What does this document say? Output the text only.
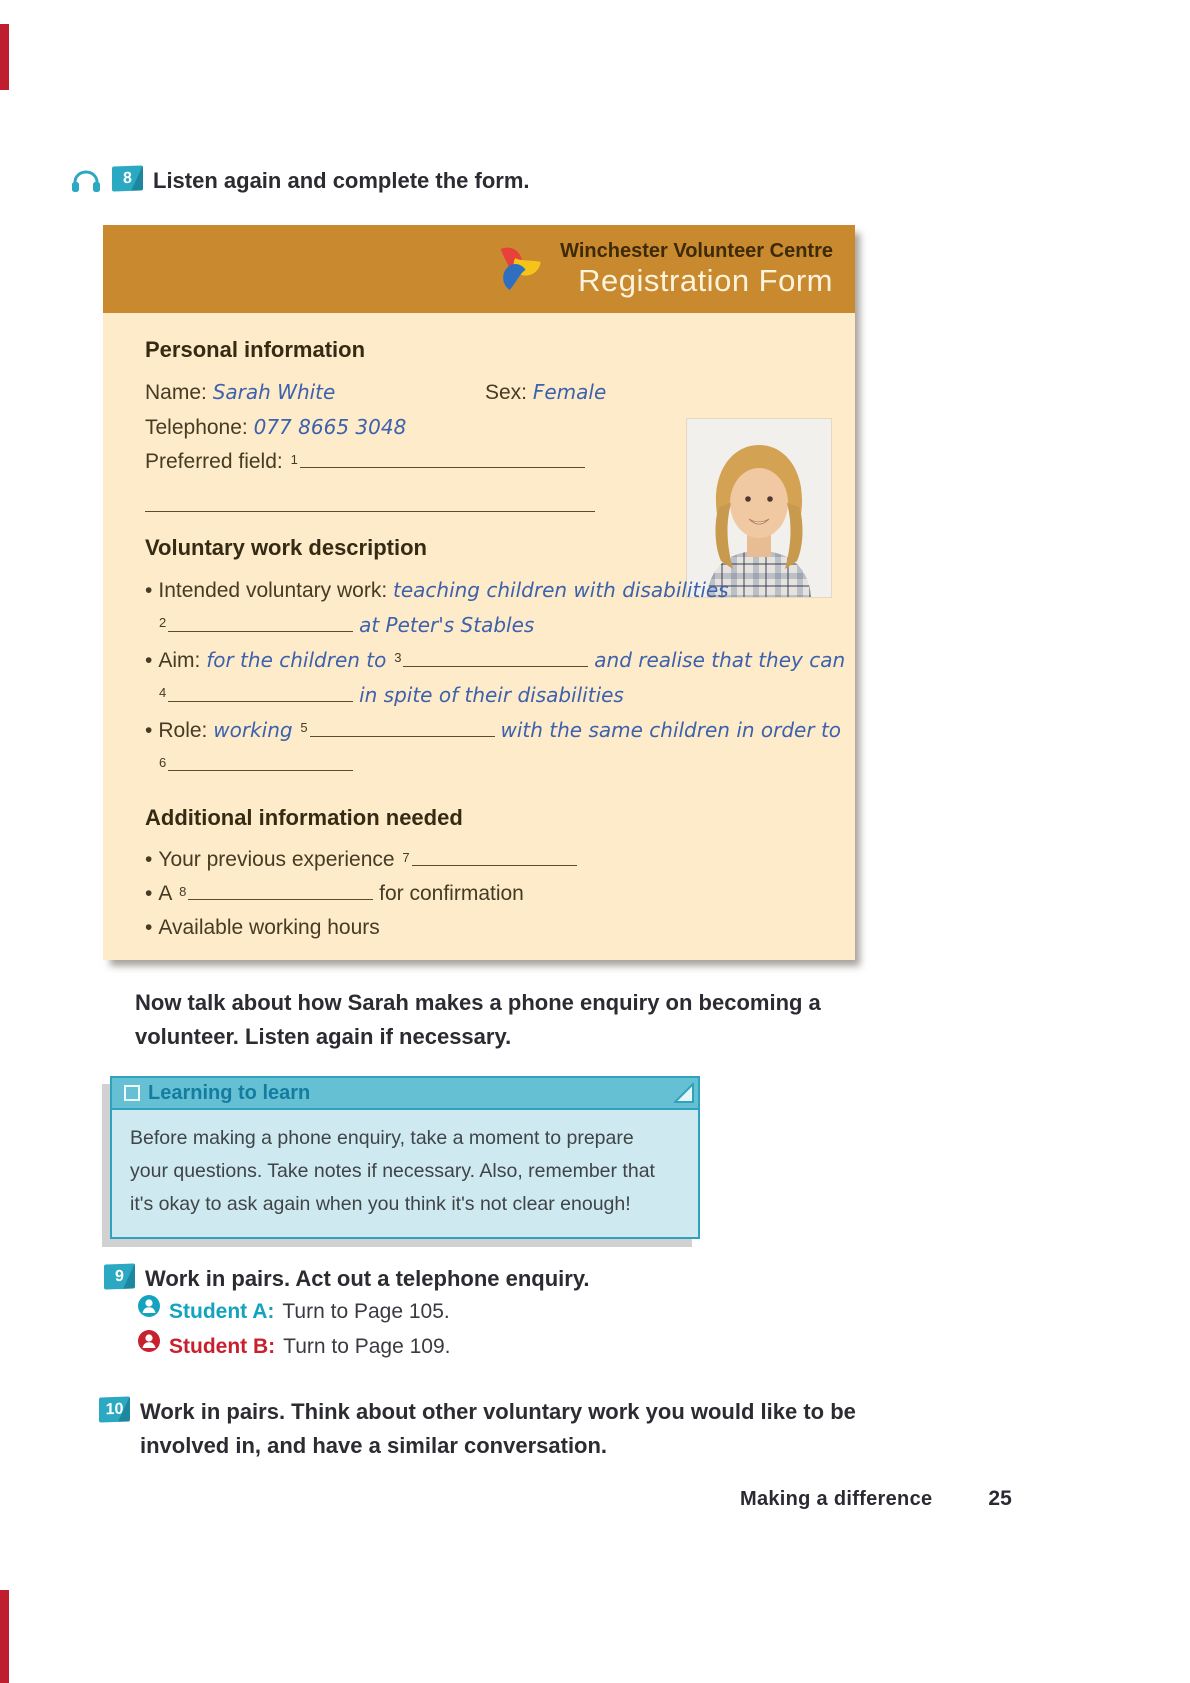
8 Listen again and complete the form.
Winchester Volunteer Centre
Registration Form
Personal information
Name: Sarah White	Sex: Female
Telephone: 077 8665 3048
Preferred field: $^1$
Voluntary work description
• Intended voluntary work: teaching children with disabilities
$^2$	at Peter's Stables
• Aim: for the children to $^3$	and realise that they can
$^4$	in spite of their disabilities
• Role: working $^5$	with the same children in order to
$^6$
Additional information needed
• Your previous experience $^7$
• A $^8$	for confirmation
• Available working hours
Now talk about how Sarah makes a phone enquiry on becoming a volunteer. Listen again if necessary.
Learning to learn
Before making a phone enquiry, take a moment to prepare
your questions. Take notes if necessary. Also, remember that
it's okay to ask again when you think it's not clear enough!
9 Work in pairs. Act out a telephone enquiry.
Student A: Turn to Page 105.
Student B: Turn to Page 109.
10 Work in pairs. Think about other voluntary work you would like to be involved in, and have a similar conversation.
Making a difference	25
